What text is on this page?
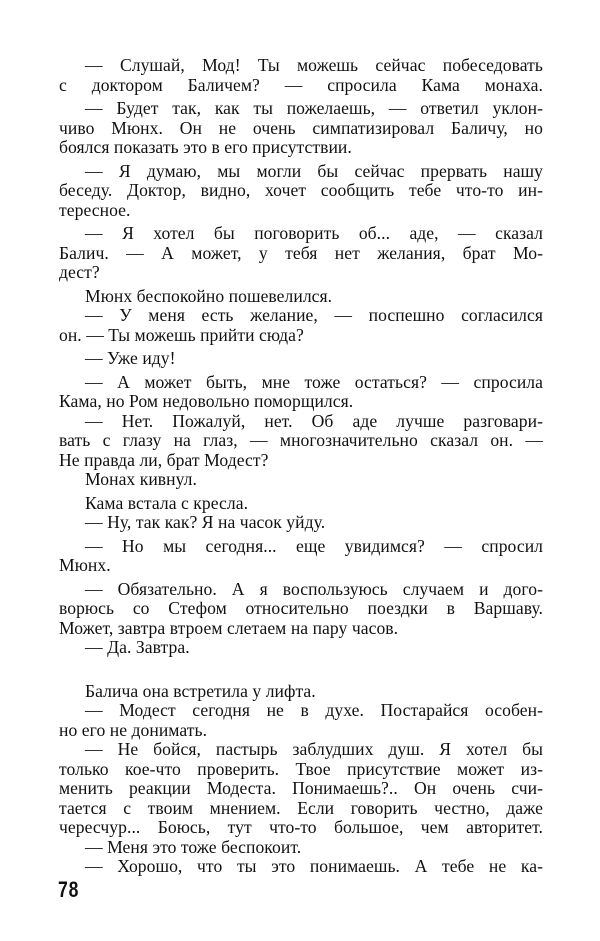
— Слушай, Мод! Ты можешь сейчас побеседовать
с доктором Баличем? — спросила Кама монаха.
— Будет так, как ты пожелаешь, — ответил уклон-
чиво Мюнх. Он не очень симпатизировал Баличу, но
боялся показать это в его присутствии.
— Я думаю, мы могли бы сейчас прервать нашу
беседу. Доктор, видно, хочет сообщить тебе что-то ин-
тересное.
— Я хотел бы поговорить об... аде, — сказал
Балич. — А может, у тебя нет желания, брат Мо-
дест?
Мюнх беспокойно пошевелился.
— У меня есть желание, — поспешно согласился
он. — Ты можешь прийти сюда?
— Уже иду!
— А может быть, мне тоже остаться? — спросила
Кама, но Ром недовольно поморщился.
— Нет. Пожалуй, нет. Об аде лучше разговари-
вать с глазу на глаз, — многозначительно сказал он. —
Не правда ли, брат Модест?
Монах кивнул.
Кама встала с кресла.
— Ну, так как? Я на часок уйду.
— Но мы сегодня... еще увидимся? — спросил
Мюнх.
— Обязательно. А я воспользуюсь случаем и дого-
ворюсь со Стефом относительно поездки в Варшаву.
Может, завтра втроем слетаем на пару часов.
— Да. Завтра.
Балича она встретила у лифта.
— Модест сегодня не в духе. Постарайся особен-
но его не донимать.
— Не бойся, пастырь заблудших душ. Я хотел бы
только кое-что проверить. Твое присутствие может из-
менить реакции Модеста. Понимаешь?.. Он очень счи-
тается с твоим мнением. Если говорить честно, даже
чересчур... Боюсь, тут что-то большое, чем авторитет.
— Меня это тоже беспокоит.
— Хорошо, что ты это понимаешь. А тебе не ка-
78
